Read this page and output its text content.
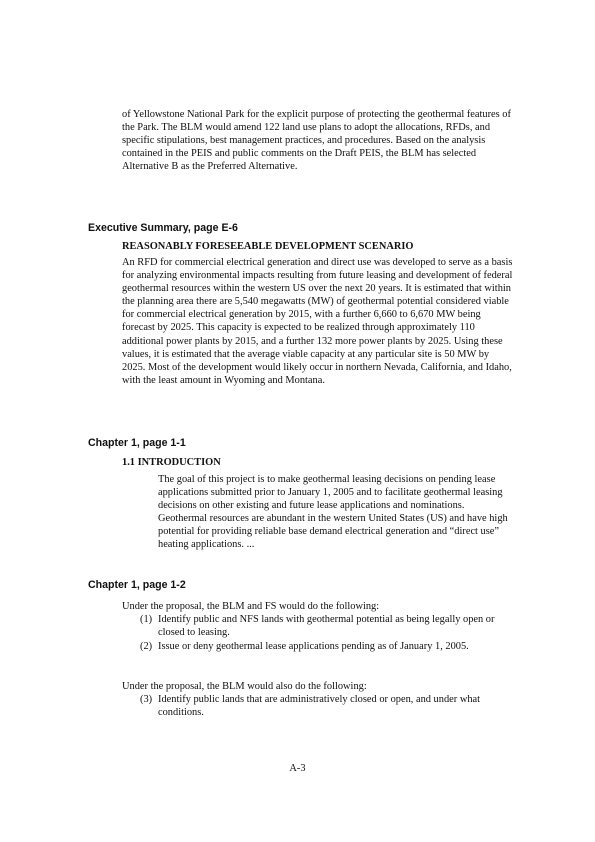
of Yellowstone National Park for the explicit purpose of protecting the geothermal features of the Park. The BLM would amend 122 land use plans to adopt the allocations, RFDs, and specific stipulations, best management practices, and procedures. Based on the analysis contained in the PEIS and public comments on the Draft PEIS, the BLM has selected Alternative B as the Preferred Alternative.

Executive Summary, page E-6

REASONABLY FORESEEABLE DEVELOPMENT SCENARIO

An RFD for commercial electrical generation and direct use was developed to serve as a basis for analyzing environmental impacts resulting from future leasing and development of federal geothermal resources within the western US over the next 20 years. It is estimated that within the planning area there are 5,540 megawatts (MW) of geothermal potential considered viable for commercial electrical generation by 2015, with a further 6,660 to 6,670 MW being forecast by 2025. This capacity is expected to be realized through approximately 110 additional power plants by 2015, and a further 132 more power plants by 2025. Using these values, it is estimated that the average viable capacity at any particular site is 50 MW by 2025. Most of the development would likely occur in northern Nevada, California, and Idaho, with the least amount in Wyoming and Montana.

Chapter 1, page 1-1

1.1 INTRODUCTION

The goal of this project is to make geothermal leasing decisions on pending lease applications submitted prior to January 1, 2005 and to facilitate geothermal leasing decisions on other existing and future lease applications and nominations. Geothermal resources are abundant in the western United States (US) and have high potential for providing reliable base demand electrical generation and “direct use” heating applications. ...

Chapter 1, page 1-2

Under the proposal, the BLM and FS would do the following:

(1) Identify public and NFS lands with geothermal potential as being legally open or closed to leasing.
(2) Issue or deny geothermal lease applications pending as of January 1, 2005.

Under the proposal, the BLM would also do the following:

(3) Identify public lands that are administratively closed or open, and under what conditions.
A-3
